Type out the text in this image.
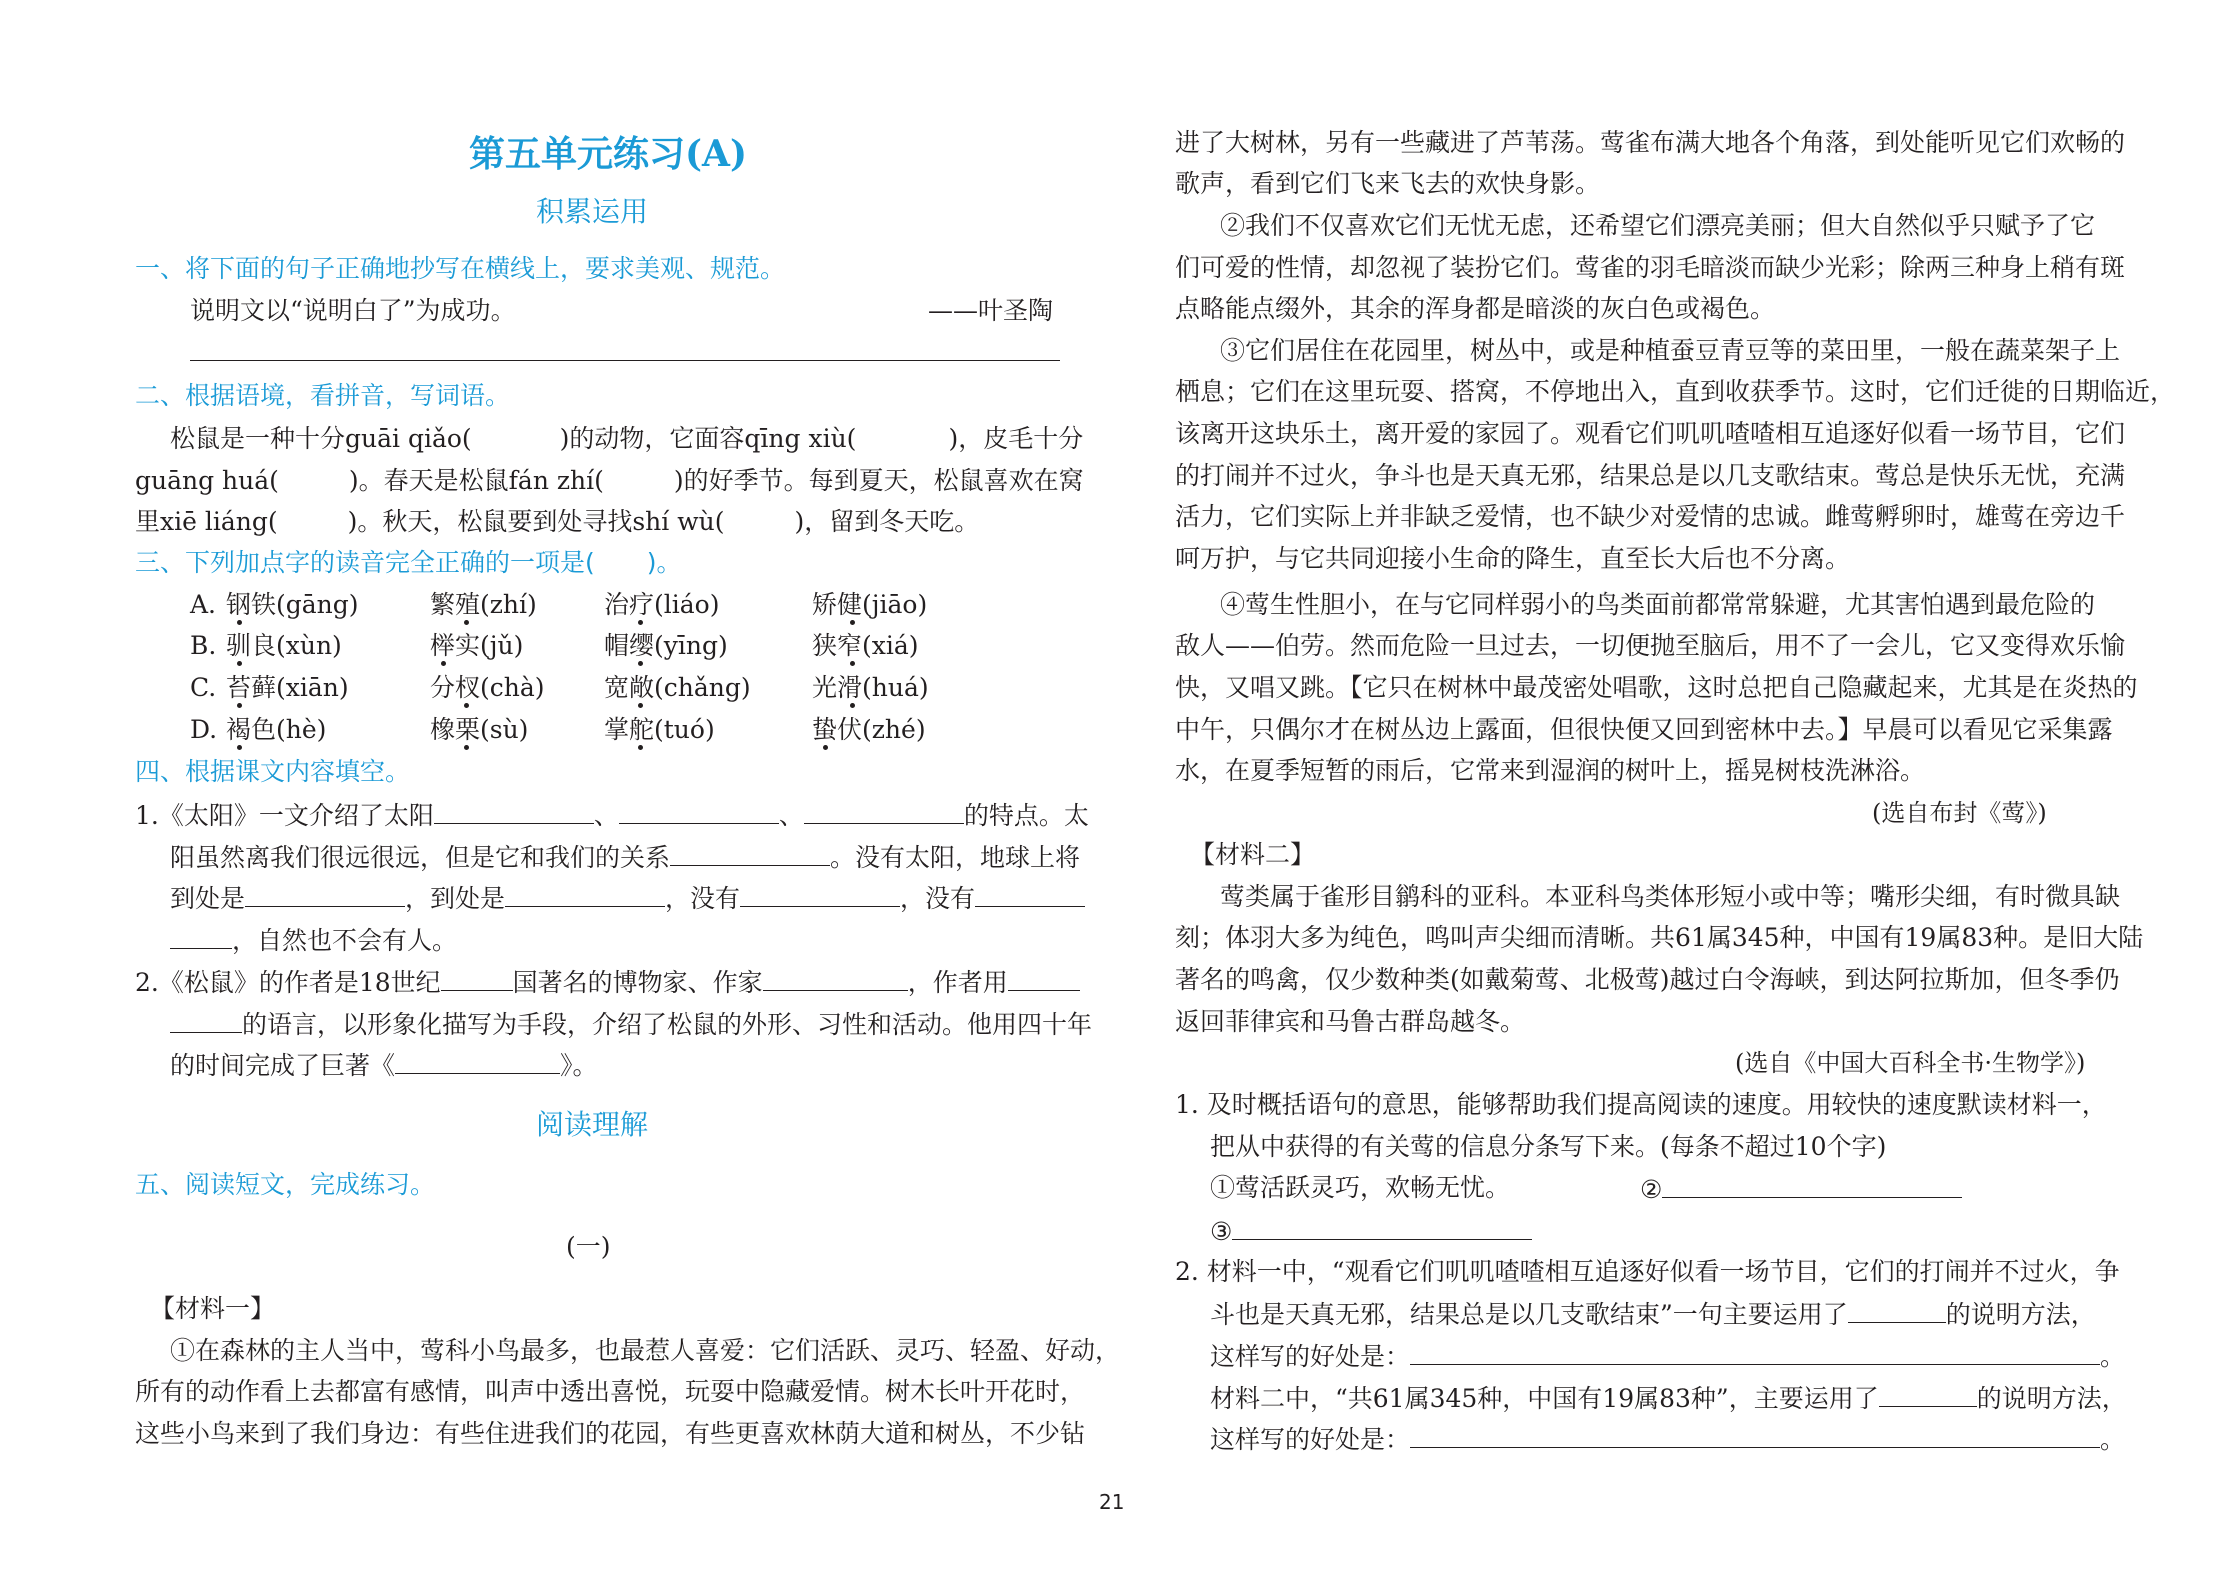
第五单元练习(A)
积累运用
一、将下面的句子正确地抄写在横线上，要求美观、规范。
说明文以“说明白了”为成功。	——叶圣陶
二、根据语境，看拼音，写词语。
松鼠是一种十分guāi qiǎo(	)的动物，它面容qīng xiù(	)，皮毛十分
guāng huá(	)。春天是松鼠fán zhí(	)的好季节。每到夏天，松鼠喜欢在窝
里xiē liáng(	)。秋天，松鼠要到处寻找shí wù(	)，留到冬天吃。
三、下列加点字的读音完全正确的一项是( )。
A. 钢铁(gāng)	繁殖(zhí)	治疗(liáo)	矫健(jiāo)
B. 驯良(xùn)	榉实(jǔ)	帽缨(yīng)	狭窄(xiá)
C. 苔藓(xiān)	分杈(chà) 宽敞(chǎng) 光滑(huá)
D. 褐色(hè)	橡栗(sù)	掌舵(tuó)	蛰伏(zhé)
四、根据课文内容填空。
1.《太阳》一文介绍了太阳	、	、	的特点。太
阳虽然离我们很远很远，但是它和我们的关系	。没有太阳，地球上将
到处是	，到处是	，没有	，没有
，自然也不会有人。
2.《松鼠》的作者是18世纪	国著名的博物家、作家	，作者用
的语言，以形象化描写为手段，介绍了松鼠的外形、习性和活动。他用四十年
的时间完成了巨著《	》。
阅读理解
五、阅读短文，完成练习。
(一)
【材料一】
①在森林的主人当中，莺科小鸟最多，也最惹人喜爱：它们活跃、灵巧、轻盈、好动，
所有的动作看上去都富有感情，叫声中透出喜悦，玩耍中隐藏爱情。树木长叶开花时，
这些小鸟来到了我们身边：有些住进我们的花园，有些更喜欢林荫大道和树丛，不少钻
进了大树林，另有一些藏进了芦苇荡。莺雀布满大地各个角落，到处能听见它们欢畅的
歌声，看到它们飞来飞去的欢快身影。
②我们不仅喜欢它们无忧无虑，还希望它们漂亮美丽；但大自然似乎只赋予了它
们可爱的性情，却忽视了装扮它们。莺雀的羽毛暗淡而缺少光彩；除两三种身上稍有斑
点略能点缀外，其余的浑身都是暗淡的灰白色或褐色。
③它们居住在花园里，树丛中，或是种植蚕豆青豆等的菜田里，一般在蔬菜架子上
栖息；它们在这里玩耍、搭窝，不停地出入，直到收获季节。这时，它们迁徙的日期临近，
该离开这块乐土，离开爱的家园了。观看它们叽叽喳喳相互追逐好似看一场节目，它们
的打闹并不过火，争斗也是天真无邪，结果总是以几支歌结束。莺总是快乐无忧，充满
活力，它们实际上并非缺乏爱情，也不缺少对爱情的忠诚。雌莺孵卵时，雄莺在旁边千
呵万护，与它共同迎接小生命的降生，直至长大后也不分离。
④莺生性胆小，在与它同样弱小的鸟类面前都常常躲避，尤其害怕遇到最危险的
敌人——伯劳。然而危险一旦过去，一切便抛至脑后，用不了一会儿，它又变得欢乐愉
快，又唱又跳。【它只在树林中最茂密处唱歌，这时总把自己隐藏起来，尤其是在炎热的
中午，只偶尔才在树丛边上露面，但很快便又回到密林中去。】早晨可以看见它采集露
水，在夏季短暂的雨后，它常来到湿润的树叶上，摇晃树枝洗淋浴。
(选自布封《莺》)
【材料二】
莺类属于雀形目鹟科的亚科。本亚科鸟类体形短小或中等；嘴形尖细，有时微具缺
刻；体羽大多为纯色，鸣叫声尖细而清晰。共61属345种，中国有19属83种。是旧大陆
著名的鸣禽，仅少数种类(如戴菊莺、北极莺)越过白令海峡，到达阿拉斯加，但冬季仍
返回菲律宾和马鲁古群岛越冬。
(选自《中国大百科全书·生物学》)
1. 及时概括语句的意思，能够帮助我们提高阅读的速度。用较快的速度默读材料一，
把从中获得的有关莺的信息分条写下来。(每条不超过10个字)
①莺活跃灵巧，欢畅无忧。	②
③
2. 材料一中，“观看它们叽叽喳喳相互追逐好似看一场节目，它们的打闹并不过火，争
斗也是天真无邪，结果总是以几支歌结束”一句主要运用了	的说明方法，
这样写的好处是：	。
材料二中，“共61属345种，中国有19属83种”，主要运用了	的说明方法，
这样写的好处是：	。
21
